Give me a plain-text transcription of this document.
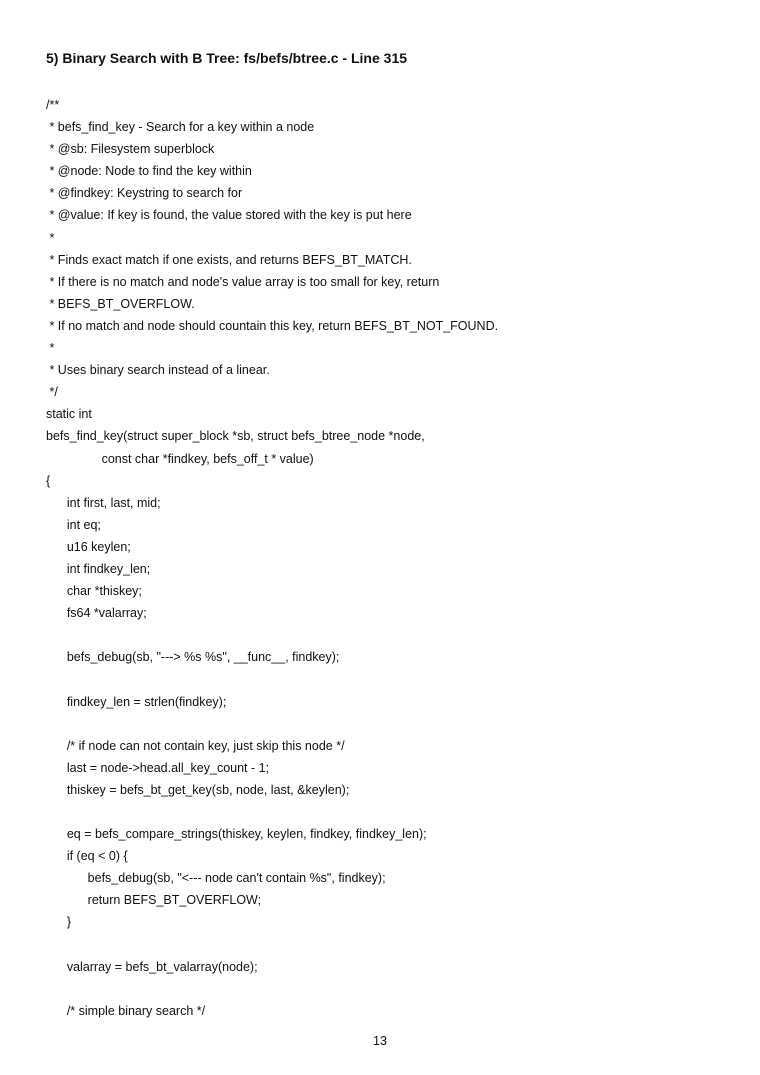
5) Binary Search with B Tree: fs/befs/btree.c - Line 315
/**
* befs_find_key - Search for a key within a node
* @sb: Filesystem superblock
* @node: Node to find the key within
* @findkey: Keystring to search for
* @value: If key is found, the value stored with the key is put here
*
* Finds exact match if one exists, and returns BEFS_BT_MATCH.
* If there is no match and node's value array is too small for key, return
* BEFS_BT_OVERFLOW.
* If no match and node should countain this key, return BEFS_BT_NOT_FOUND.
*
* Uses binary search instead of a linear.
*/
static int
befs_find_key(struct super_block *sb, struct befs_btree_node *node,
const char *findkey, befs_off_t * value)
{
int first, last, mid;
int eq;
u16 keylen;
int findkey_len;
char *thiskey;
fs64 *valarray;
befs_debug(sb, "---> %s %s", __func__, findkey);
findkey_len = strlen(findkey);
/* if node can not contain key, just skip this node */
last = node->head.all_key_count - 1;
thiskey = befs_bt_get_key(sb, node, last, &keylen);
eq = befs_compare_strings(thiskey, keylen, findkey, findkey_len);
if (eq < 0) {
befs_debug(sb, "<--- node can't contain %s", findkey);
return BEFS_BT_OVERFLOW;
}
valarray = befs_bt_valarray(node);
/* simple binary search */
13
